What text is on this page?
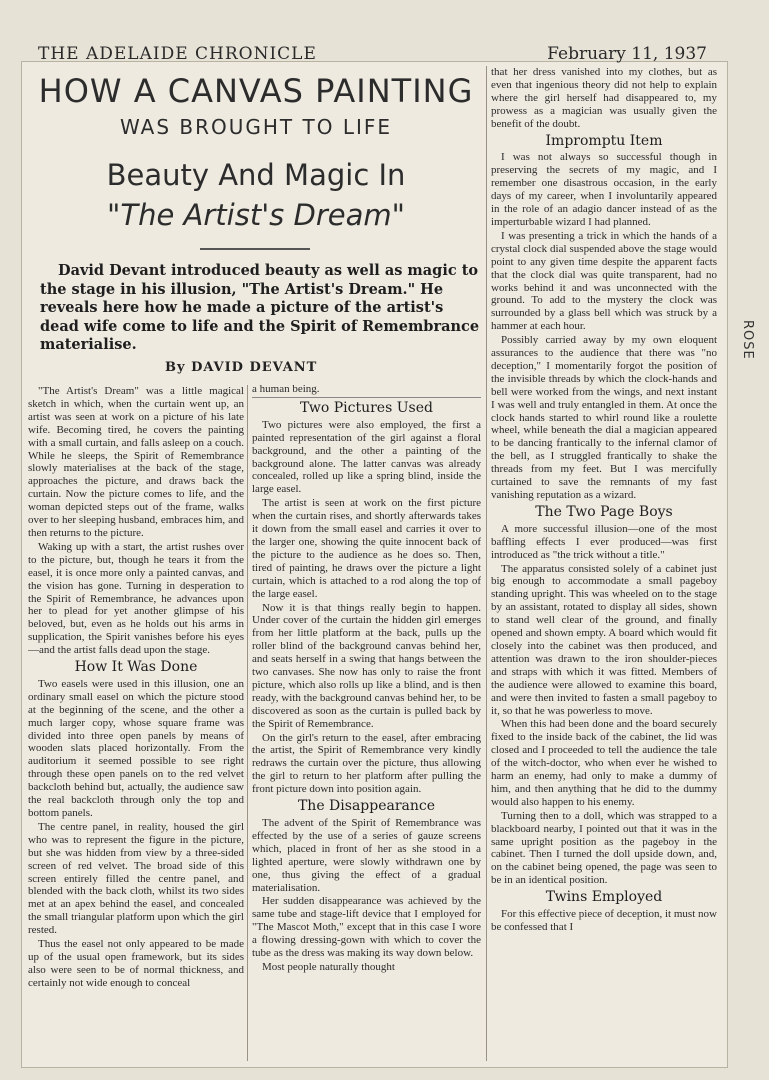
THE ADELAIDE CHRONICLE	February 11, 1937
ROSE
HOW A CANVAS PAINTING
WAS BROUGHT TO LIFE
Beauty And Magic In
"The Artist's Dream"
David Devant introduced beauty as well as magic to the stage in his illusion, "The Artist's Dream." He reveals here how he made a picture of the artist's dead wife come to life and the Spirit of Remembrance materialise.
By DAVID DEVANT

"The Artist's Dream" was a little magical sketch in which, when the curtain went up, an artist was seen at work on a picture of his late wife. Becoming tired, he covers the painting with a small curtain, and falls asleep on a couch. While he sleeps, the Spirit of Remembrance slowly materialises at the back of the stage, approaches the picture, and draws back the curtain. Now the picture comes to life, and the woman depicted steps out of the frame, walks over to her sleeping husband, embraces him, and then returns to the picture.

Waking up with a start, the artist rushes over to the picture, but, though he tears it from the easel, it is once more only a painted canvas, and the vision has gone. Turning in desperation to the Spirit of Remembrance, he advances upon her to plead for yet another glimpse of his beloved, but, even as he holds out his arms in supplication, the Spirit vanishes before his eyes—and the artist falls dead upon the stage.

How It Was Done

Two easels were used in this illusion, one an ordinary small easel on which the picture stood at the beginning of the scene, and the other a much larger copy, whose square frame was divided into three open panels by means of wooden slats placed horizontally. From the auditorium it seemed possible to see right through these open panels on to the red velvet backcloth behind but, actually, the audience saw the real backcloth through only the top and bottom panels.

The centre panel, in reality, housed the girl who was to represent the figure in the picture, but she was hidden from view by a three-sided screen of red velvet. The broad side of this screen entirely filled the centre panel, and blended with the back cloth, whilst its two sides met at an apex behind the easel, and concealed the small triangular platform upon which the girl rested.

Thus the easel not only appeared to be made up of the usual open framework, but its sides also were seen to be of normal thickness, and certainly not wide enough to conceal

a human being.

Two Pictures Used

Two pictures were also employed, the first a painted representation of the girl against a floral background, and the other a painting of the background alone. The latter canvas was already concealed, rolled up like a spring blind, inside the large easel.

The artist is seen at work on the first picture when the curtain rises, and shortly afterwards takes it down from the small easel and carries it over to the larger one, showing the quite innocent back of the picture to the audience as he does so. Then, tired of painting, he draws over the picture a light curtain, which is attached to a rod along the top of the large easel.

Now it is that things really begin to happen. Under cover of the curtain the hidden girl emerges from her little platform at the back, pulls up the roller blind of the background canvas behind her, and seats herself in a swing that hangs between the two canvases. She now has only to raise the front picture, which also rolls up like a blind, and is then ready, with the background canvas behind her, to be discovered as soon as the curtain is pulled back by the Spirit of Remembrance.

On the girl's return to the easel, after embracing the artist, the Spirit of Remembrance very kindly redraws the curtain over the picture, thus allowing the girl to return to her platform after pulling the front picture down into position again.

The Disappearance

The advent of the Spirit of Remembrance was effected by the use of a series of gauze screens which, placed in front of her as she stood in a lighted aperture, were slowly withdrawn one by one, thus giving the effect of a gradual materialisation.

Her sudden disappearance was achieved by the same tube and stage-lift device that I employed for "The Mascot Moth," except that in this case I wore a flowing dressing-gown with which to cover the tube as the dress was making its way down below.

Most people naturally thought

that her dress vanished into my clothes, but as even that ingenious theory did not help to explain where the girl herself had disappeared to, my prowess as a magician was usually given the benefit of the doubt.

Impromptu Item

I was not always so successful though in preserving the secrets of my magic, and I remember one disastrous occasion, in the early days of my career, when I involuntarily appeared in the role of an adagio dancer instead of as the imperturbable wizard I had planned.

I was presenting a trick in which the hands of a crystal clock dial suspended above the stage would point to any given time despite the apparent facts that the clock dial was quite transparent, had no works behind it and was unconnected with the ground. To add to the mystery the clock was surrounded by a glass bell which was struck by a hammer at each hour.

Possibly carried away by my own eloquent assurances to the audience that there was "no deception," I momentarily forgot the position of the invisible threads by which the clock-hands and bell were worked from the wings, and next instant I was well and truly entangled in them. At once the clock hands started to whirl round like a roulette wheel, while beneath the dial a magician appeared to be dancing frantically to the infernal clamor of the bell, as I struggled frantically to shake the threads from my feet. But I was mercifully curtained to save the remnants of my fast vanishing reputation as a wizard.

The Two Page Boys

A more successful illusion—one of the most baffling effects I ever produced—was first introduced as "the trick without a title."

The apparatus consisted solely of a cabinet just big enough to accommodate a small pageboy standing upright. This was wheeled on to the stage by an assistant, rotated to display all sides, shown to stand well clear of the ground, and finally opened and shown empty. A board which would fit closely into the cabinet was then produced, and attention was drawn to the iron shoulder-pieces and straps with which it was fitted. Members of the audience were allowed to examine this board, and were then invited to fasten a small pageboy to it, so that he was powerless to move.

When this had been done and the board securely fixed to the inside back of the cabinet, the lid was closed and I proceeded to tell the audience the tale of the witch-doctor, who when ever he wished to harm an enemy, had only to make a dummy of him, and then anything that he did to the dummy would also happen to his enemy.

Turning then to a doll, which was strapped to a blackboard nearby, I pointed out that it was in the same upright position as the pageboy in the cabinet. Then I turned the doll upside down, and, on the cabinet being opened, the page was seen to be in an identical position.

Twins Employed

For this effective piece of deception, it must now be confessed that I
